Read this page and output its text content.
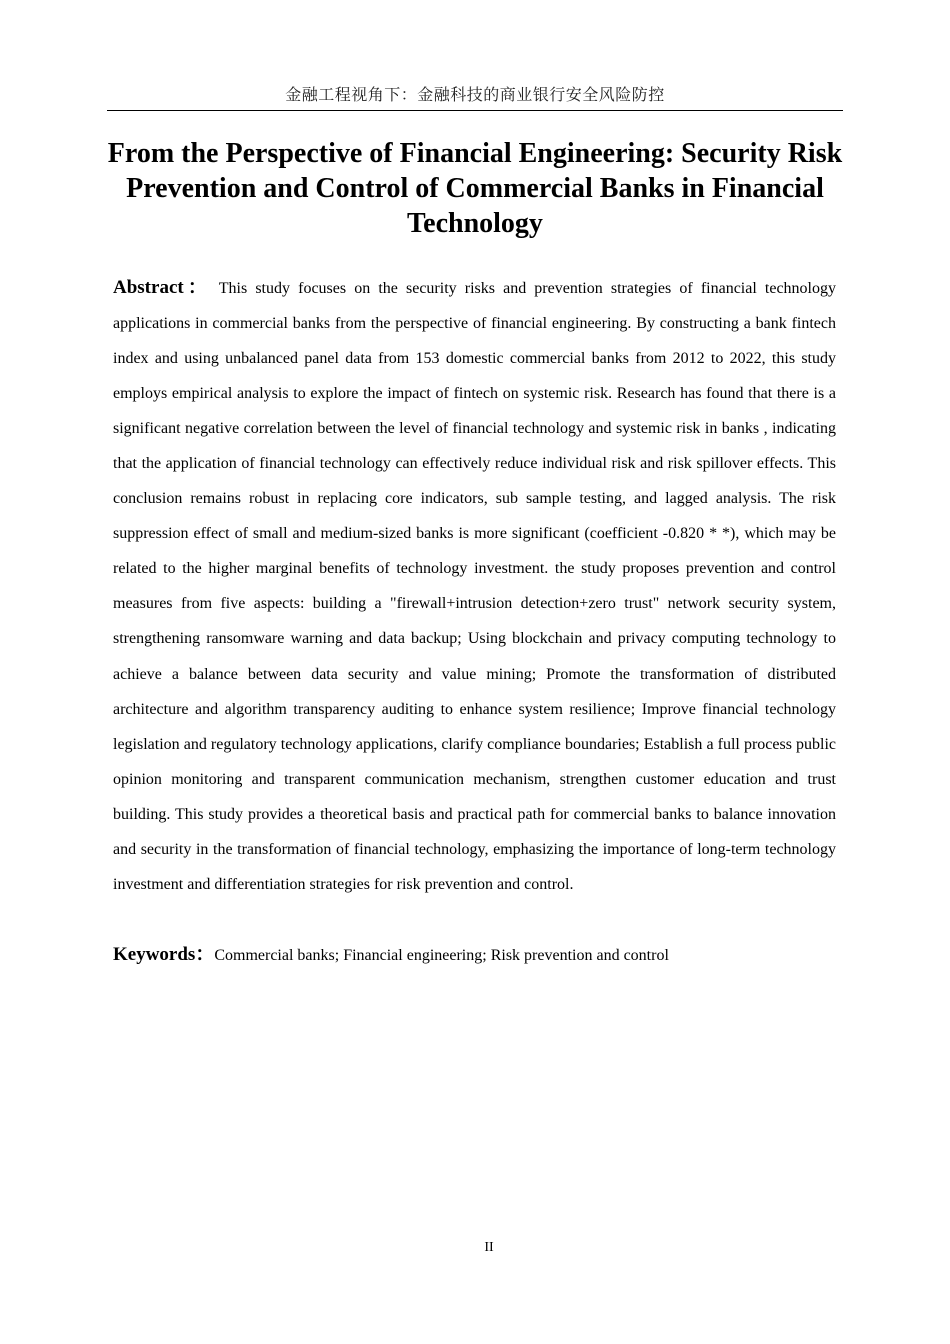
金融工程视角下：金融科技的商业银行安全风险防控
From the Perspective of Financial Engineering: Security Risk Prevention and Control of Commercial Banks in Financial Technology

Abstract： This study focuses on the security risks and prevention strategies of financial technology applications in commercial banks from the perspective of financial engineering. By constructing a bank fintech index and using unbalanced panel data from 153 domestic commercial banks from 2012 to 2022, this study employs empirical analysis to explore the impact of fintech on systemic risk. Research has found that there is a significant negative correlation between the level of financial technology and systemic risk in banks , indicating that the application of financial technology can effectively reduce individual risk and risk spillover effects. This conclusion remains robust in replacing core indicators, sub sample testing, and lagged analysis. The risk suppression effect of small and medium-sized banks is more significant (coefficient -0.820 * *), which may be related to the higher marginal benefits of technology investment. the study proposes prevention and control measures from five aspects: building a "firewall+intrusion detection+zero trust" network security system, strengthening ransomware warning and data backup; Using blockchain and privacy computing technology to achieve a balance between data security and value mining; Promote the transformation of distributed architecture and algorithm transparency auditing to enhance system resilience; Improve financial technology legislation and regulatory technology applications, clarify compliance boundaries; Establish a full process public opinion monitoring and transparent communication mechanism, strengthen customer education and trust building. This study provides a theoretical basis and practical path for commercial banks to balance innovation and security in the transformation of financial technology, emphasizing the importance of long-term technology investment and differentiation strategies for risk prevention and control.

Keywords：Commercial banks; Financial engineering; Risk prevention and control

II
